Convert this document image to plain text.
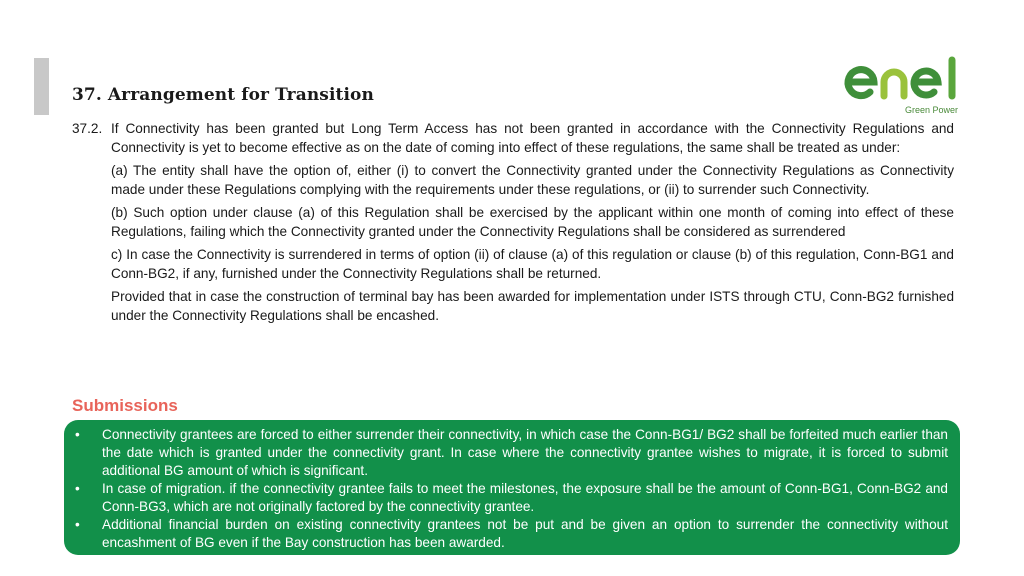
37. Arrangement for Transition
Green Power
37.2. If Connectivity has been granted but Long Term Access has not been granted in accordance with the Connectivity Regulations and Connectivity is yet to become effective as on the date of coming into effect of these regulations, the same shall be treated as under:

(a) The entity shall have the option of, either (i) to convert the Connectivity granted under the Connectivity Regulations as Connectivity made under these Regulations complying with the requirements under these regulations, or (ii) to surrender such Connectivity.

(b) Such option under clause (a) of this Regulation shall be exercised by the applicant within one month of coming into effect of these Regulations, failing which the Connectivity granted under the Connectivity Regulations shall be considered as surrendered

c) In case the Connectivity is surrendered in terms of option (ii) of clause (a) of this regulation or clause (b) of this regulation, Conn-BG1 and Conn-BG2, if any, furnished under the Connectivity Regulations shall be returned.

Provided that in case the construction of terminal bay has been awarded for implementation under ISTS through CTU, Conn-BG2 furnished under the Connectivity Regulations shall be encashed.

Submissions
•	Connectivity grantees are forced to either surrender their connectivity, in which case the Conn-BG1/ BG2 shall be forfeited much earlier than the date which is granted under the connectivity grant. In case where the connectivity grantee wishes to migrate, it is forced to submit additional BG amount of which is significant.
•	In case of migration. if the connectivity grantee fails to meet the milestones, the exposure shall be the amount of Conn-BG1, Conn-BG2 and Conn-BG3, which are not originally factored by the connectivity grantee.
•	Additional financial burden on existing connectivity grantees not be put and be given an option to surrender the connectivity without encashment of BG even if the Bay construction has been awarded.
